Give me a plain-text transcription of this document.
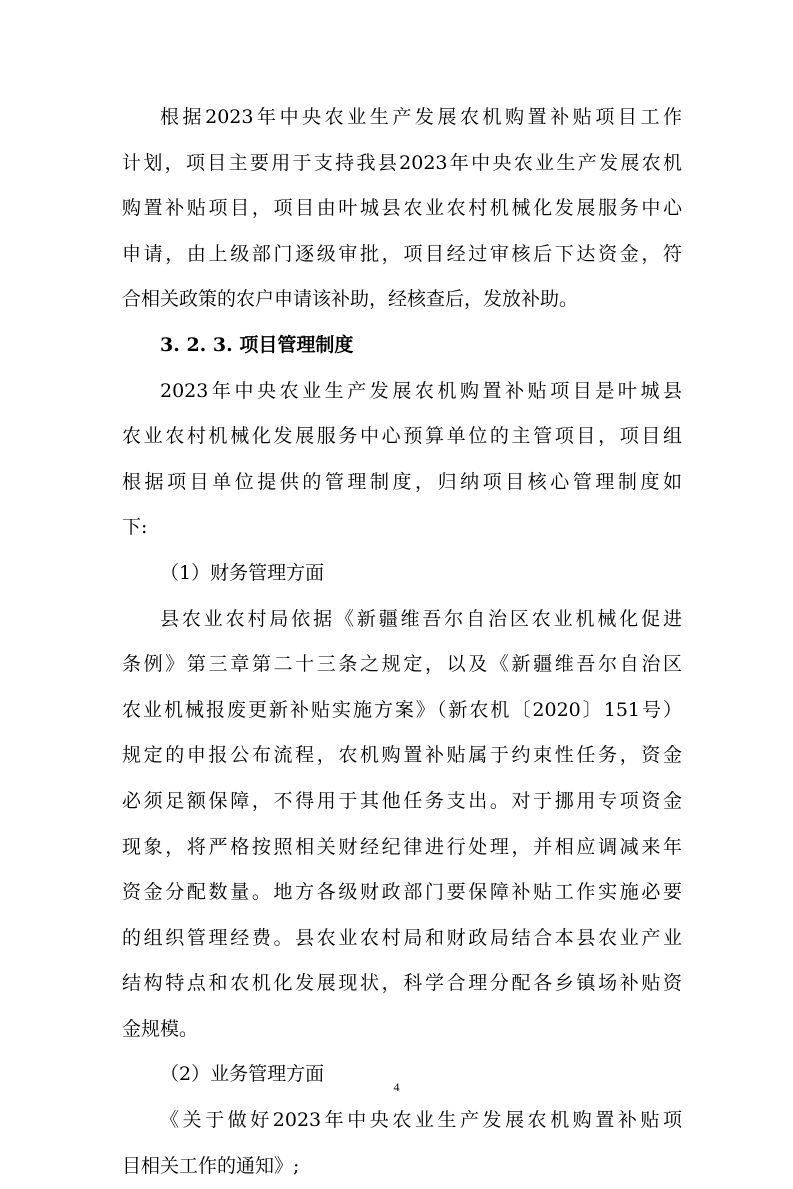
根据2023年中央农业生产发展农机购置补贴项目工作
计划，项目主要用于支持我县2023年中央农业生产发展农机
购置补贴项目，项目由叶城县农业农村机械化发展服务中心
申请，由上级部门逐级审批，项目经过审核后下达资金，符
合相关政策的农户申请该补助，经核查后，发放补助。
3. 2. 3. 项目管理制度
2023年中央农业生产发展农机购置补贴项目是叶城县
农业农村机械化发展服务中心预算单位的主管项目，项目组
根据项目单位提供的管理制度，归纳项目核心管理制度如
下:
（1）财务管理方面
县农业农村局依据《新疆维吾尔自治区农业机械化促进
条例》第三章第二十三条之规定，以及《新疆维吾尔自治区
农业机械报废更新补贴实施方案》（新农机〔2020〕151号）
规定的申报公布流程，农机购置补贴属于约束性任务，资金
必须足额保障，不得用于其他任务支出。对于挪用专项资金
现象，将严格按照相关财经纪律进行处理，并相应调减来年
资金分配数量。地方各级财政部门要保障补贴工作实施必要
的组织管理经费。县农业农村局和财政局结合本县农业产业
结构特点和农机化发展现状，科学合理分配各乡镇场补贴资
金规模。
（2）业务管理方面
《关于做好2023年中央农业生产发展农机购置补贴项
目相关工作的通知》;
4
